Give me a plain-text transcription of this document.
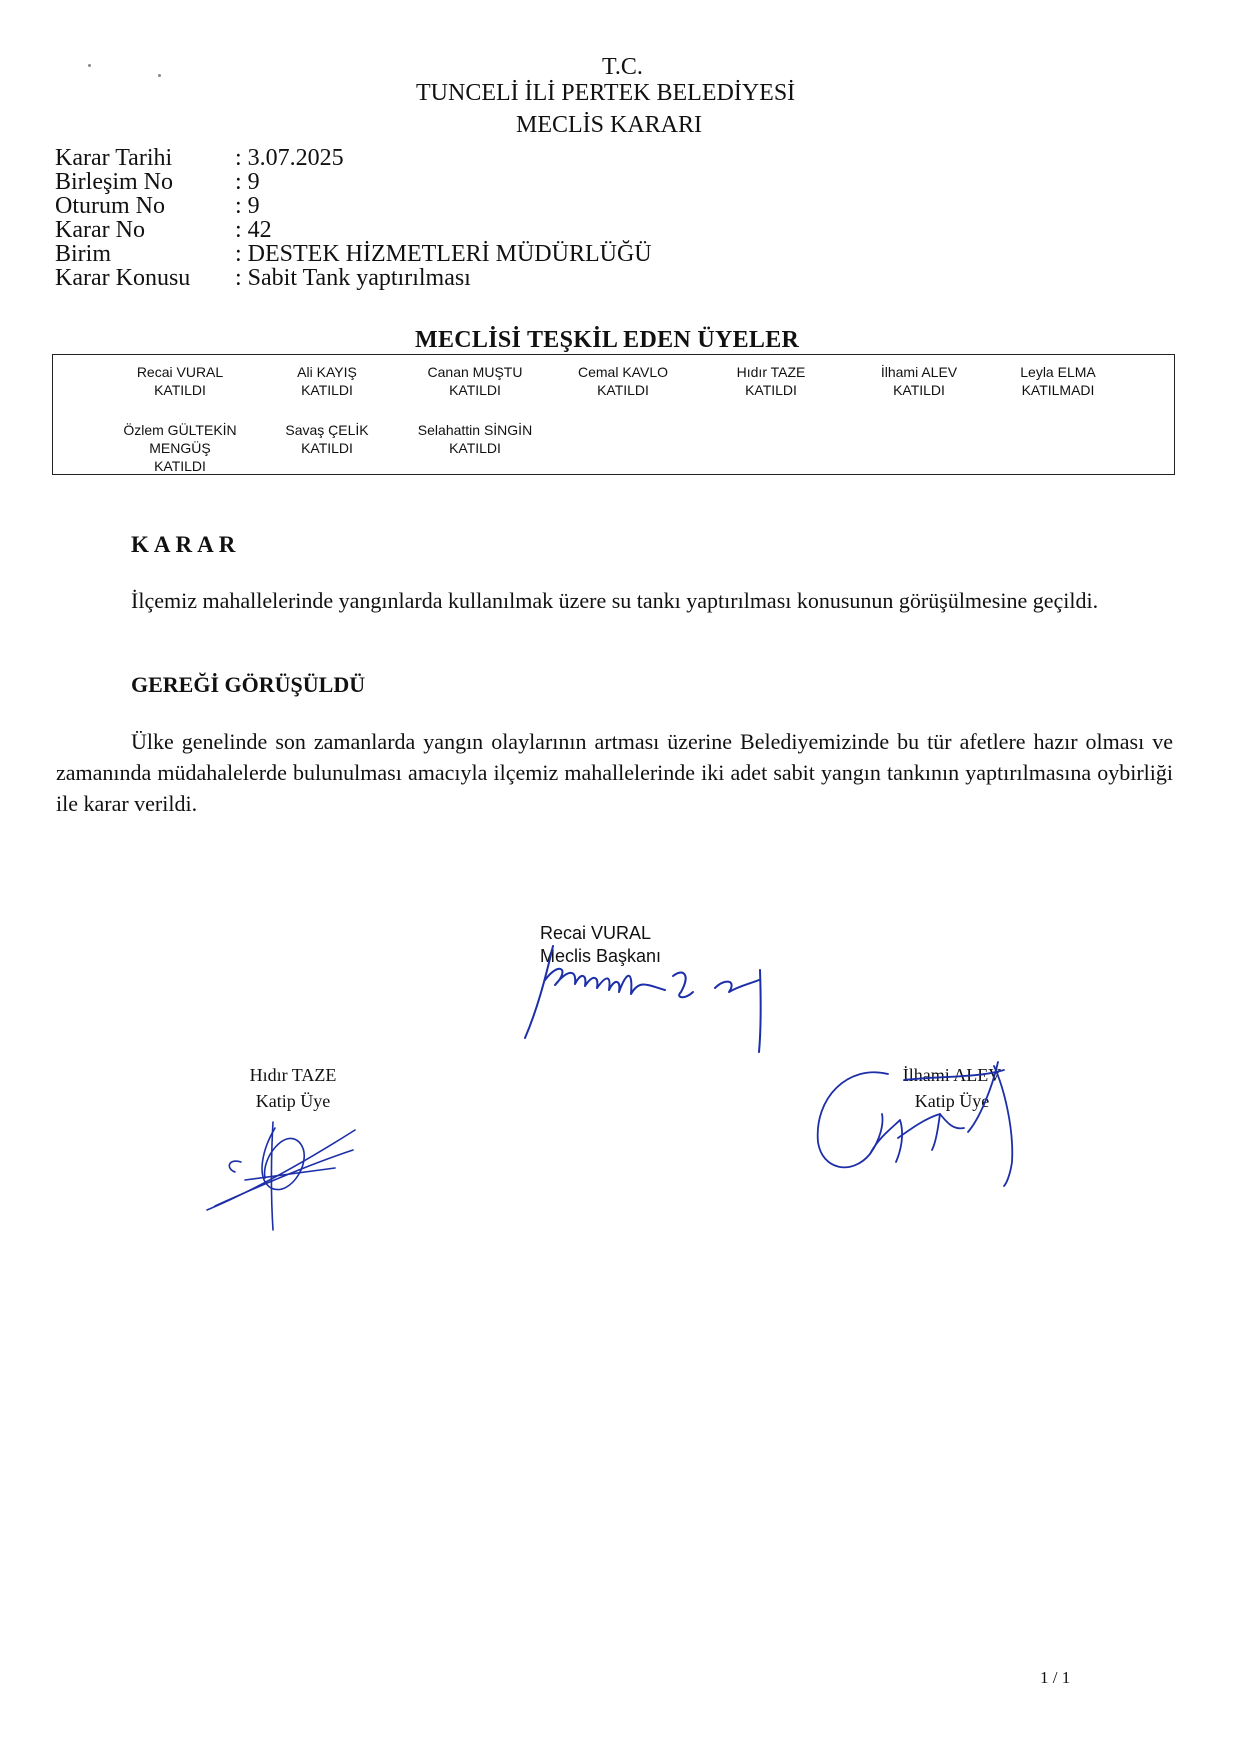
T.C.
TUNCELİ İLİ PERTEK BELEDİYESİ
MECLİS KARARI
Karar Tarihi	: 3.07.2025
Birleşim No	: 9
Oturum No	: 9
Karar No	: 42
Birim	: DESTEK HİZMETLERİ MÜDÜRLÜĞÜ
Karar Konusu	: Sabit Tank yaptırılması
MECLİSİ TEŞKİL EDEN ÜYELER
Recai VURAL
KATILDI
Ali KAYIŞ
KATILDI
Canan MUŞTU
KATILDI
Cemal KAVLO
KATILDI
Hıdır TAZE
KATILDI
İlhami ALEV
KATILDI
Leyla ELMA
KATILMADI
Özlem GÜLTEKİN MENGÜŞ
KATILDI
Savaş ÇELİK
KATILDI
Selahattin SİNGİN
KATILDI
KARAR
İlçemiz mahallelerinde yangınlarda kullanılmak üzere su tankı yaptırılması konusunun görüşülmesine geçildi.
GEREĞİ GÖRÜŞÜLDÜ
Ülke genelinde son zamanlarda yangın olaylarının artması üzerine Belediyemizinde bu tür afetlere hazır olması ve zamanında müdahalelerde bulunulması amacıyla ilçemiz mahallelerinde iki adet sabit yangın tankının yaptırılmasına oybirliği ile karar verildi.
Recai VURAL
Meclis Başkanı
Hıdır TAZE
Katip Üye
İlhami ALEV
Katip Üye
1 / 1
